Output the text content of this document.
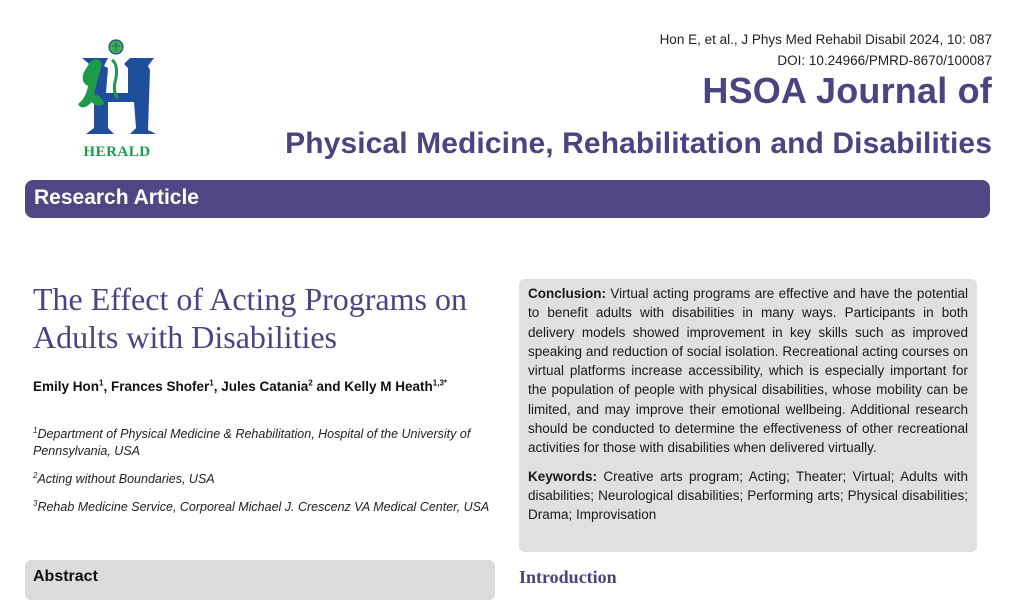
HERALD
Hon E, et al., J Phys Med Rehabil Disabil 2024, 10: 087
DOI: 10.24966/PMRD-8670/100087
HSOA Journal of
Physical Medicine, Rehabilitation and Disabilities
Research Article
The Effect of Acting Programs on Adults with Disabilities
Emily Hon$^1$, Frances Shofer$^1$, Jules Catania$^2$ and Kelly M Heath$^{1,3*}$
$^1$Department of Physical Medicine & Rehabilitation, Hospital of the University of Pennsylvania, USA
$^2$Acting without Boundaries, USA
$^3$Rehab Medicine Service, Corporeal Michael J. Crescenz VA Medical Center, USA
Abstract

Conclusion: Virtual acting programs are effective and have the potential to benefit adults with disabilities in many ways. Participants in both delivery models showed improvement in key skills such as improved speaking and reduction of social isolation. Recreational acting courses on virtual platforms increase accessibility, which is especially important for the population of people with physical disabilities, whose mobility can be limited, and may improve their emotional wellbeing. Additional research should be conducted to determine the effectiveness of other recreational activities for those with disabilities when delivered virtually.

Keywords: Creative arts program; Acting; Theater; Virtual; Adults with disabilities; Neurological disabilities; Performing arts; Physical disabilities; Drama; Improvisation

Introduction
